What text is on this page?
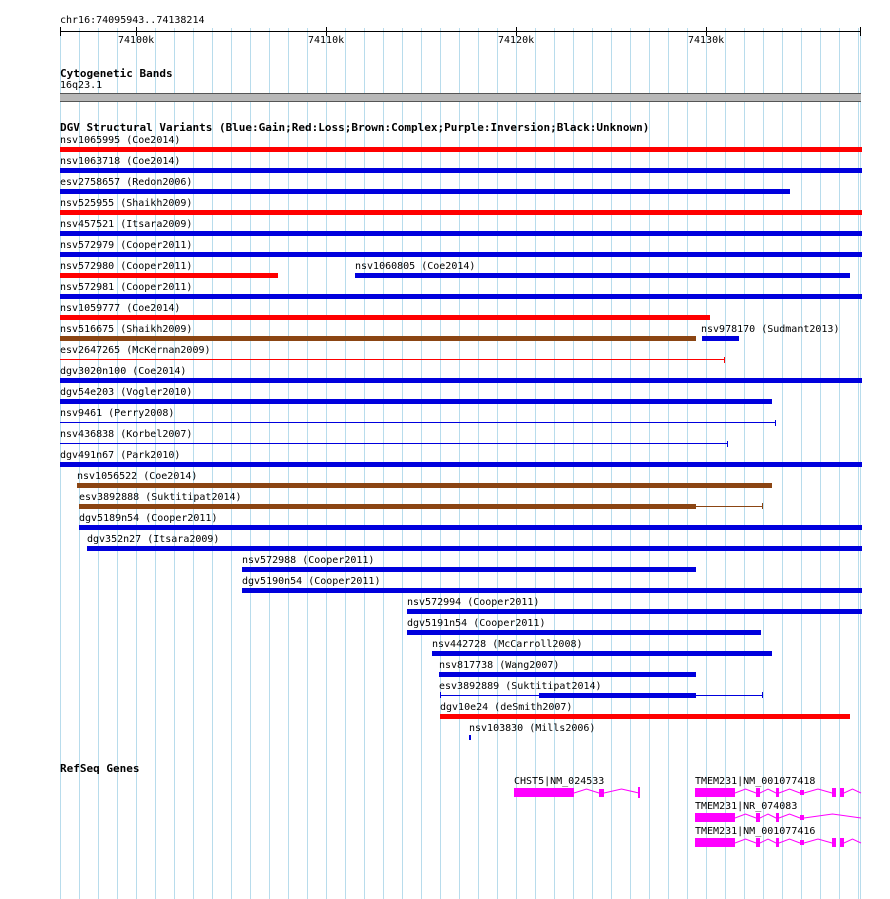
chr16:74095943..74138214
74100k	74110k	74120k	74130k
Cytogenetic Bands
16q23.1
DGV Structural Variants (Blue:Gain;Red:Loss;Brown:Complex;Purple:Inversion;Black:Unknown)
nsv1065995 (Coe2014)
nsv1063718 (Coe2014)
esv2758657 (Redon2006)
nsv525955 (Shaikh2009)
nsv457521 (Itsara2009)
nsv572979 (Cooper2011)
nsv572980 (Cooper2011)	nsv1060805 (Coe2014)
nsv572981 (Cooper2011)
nsv1059777 (Coe2014)
nsv516675 (Shaikh2009)	nsv978170 (Sudmant2013)
esv2647265 (McKernan2009)
dgv3020n100 (Coe2014)
dgv54e203 (Vogler2010)
nsv9461 (Perry2008)
nsv436838 (Korbel2007)
dgv491n67 (Park2010)
nsv1056522 (Coe2014)
esv3892888 (Suktitipat2014)
dgv5189n54 (Cooper2011)
dgv352n27 (Itsara2009)
nsv572988 (Cooper2011)
dgv5190n54 (Cooper2011)
nsv572994 (Cooper2011)
dgv5191n54 (Cooper2011)
nsv442728 (McCarroll2008)
nsv817738 (Wang2007)
esv3892889 (Suktitipat2014)
dgv10e24 (deSmith2007)
nsv103830 (Mills2006)
RefSeq Genes
CHST5|NM_024533	TMEM231|NM_001077418
TMEM231|NR_074083
TMEM231|NM_001077416
